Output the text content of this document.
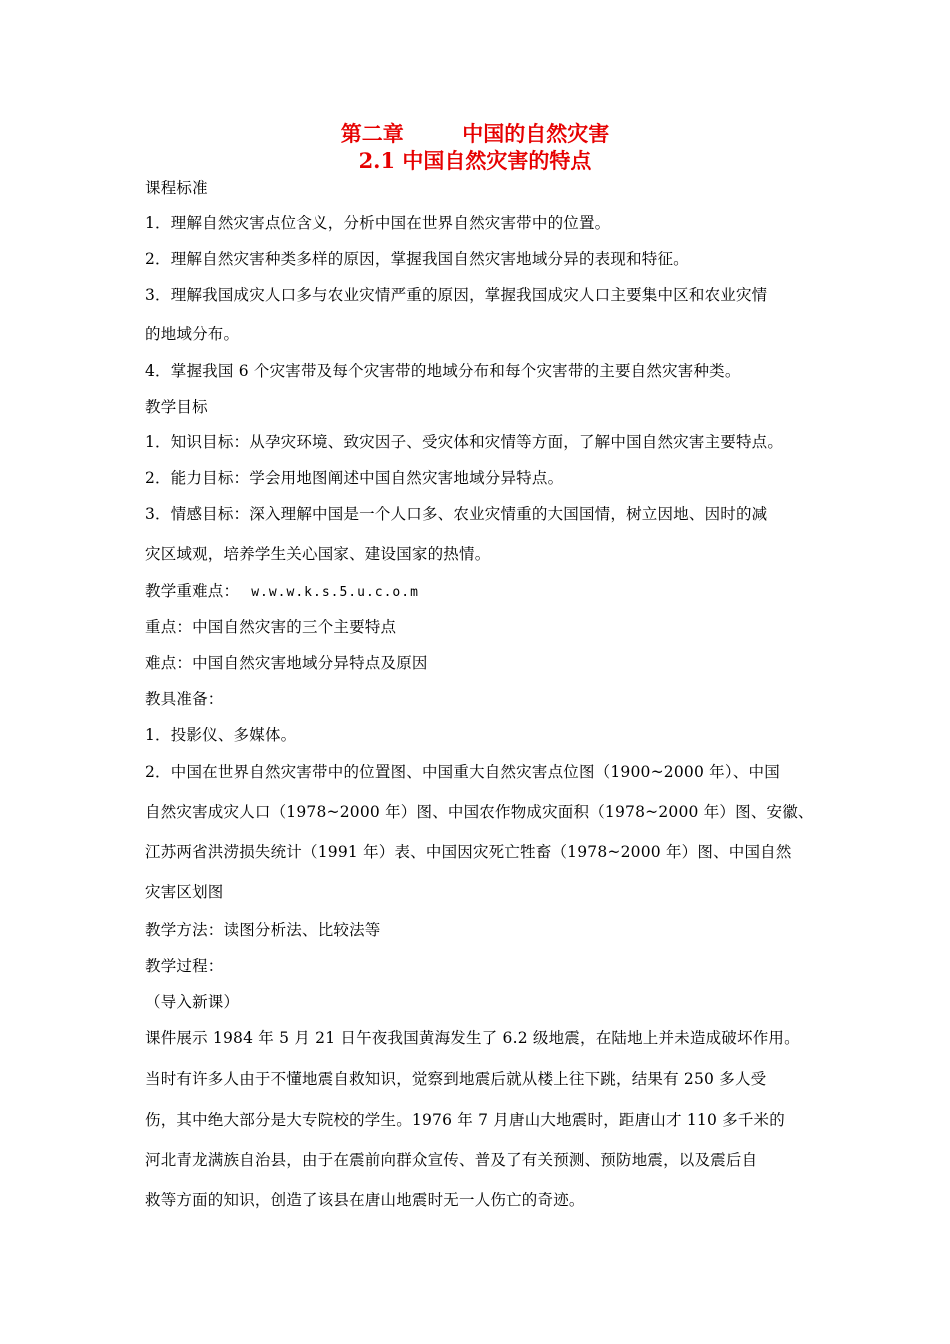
第二章        中国的自然灾害
2.1 中国自然灾害的特点
课程标准
1．理解自然灾害点位含义，分析中国在世界自然灾害带中的位置。
2．理解自然灾害种类多样的原因，掌握我国自然灾害地域分异的表现和特征。
3．理解我国成灾人口多与农业灾情严重的原因，掌握我国成灾人口主要集中区和农业灾情
的地域分布。
4．掌握我国 6 个灾害带及每个灾害带的地域分布和每个灾害带的主要自然灾害种类。
教学目标
1．知识目标：从孕灾环境、致灾因子、受灾体和灾情等方面，了解中国自然灾害主要特点。
2．能力目标：学会用地图阐述中国自然灾害地域分异特点。
3．情感目标：深入理解中国是一个人口多、农业灾情重的大国国情，树立因地、因时的减
灾区域观，培养学生关心国家、建设国家的热情。
教学重难点： w.w.w.k.s.5.u.c.o.m
重点：中国自然灾害的三个主要特点
难点：中国自然灾害地域分异特点及原因
教具准备：
1．投影仪、多媒体。
2．中国在世界自然灾害带中的位置图、中国重大自然灾害点位图（1900~2000 年）、中国
自然灾害成灾人口（1978~2000 年）图、中国农作物成灾面积（1978~2000 年）图、安徽、
江苏两省洪涝损失统计（1991 年）表、中国因灾死亡牲畜（1978~2000 年）图、中国自然
灾害区划图
教学方法：读图分析法、比较法等
教学过程：
（导入新课）
课件展示 1984 年 5 月 21 日午夜我国黄海发生了 6.2 级地震，在陆地上并未造成破坏作用。
当时有许多人由于不懂地震自救知识，觉察到地震后就从楼上往下跳，结果有 250 多人受
伤，其中绝大部分是大专院校的学生。1976 年 7 月唐山大地震时，距唐山才 110 多千米的
河北青龙满族自治县，由于在震前向群众宣传、普及了有关预测、预防地震，以及震后自
救等方面的知识，创造了该县在唐山地震时无一人伤亡的奇迹。
